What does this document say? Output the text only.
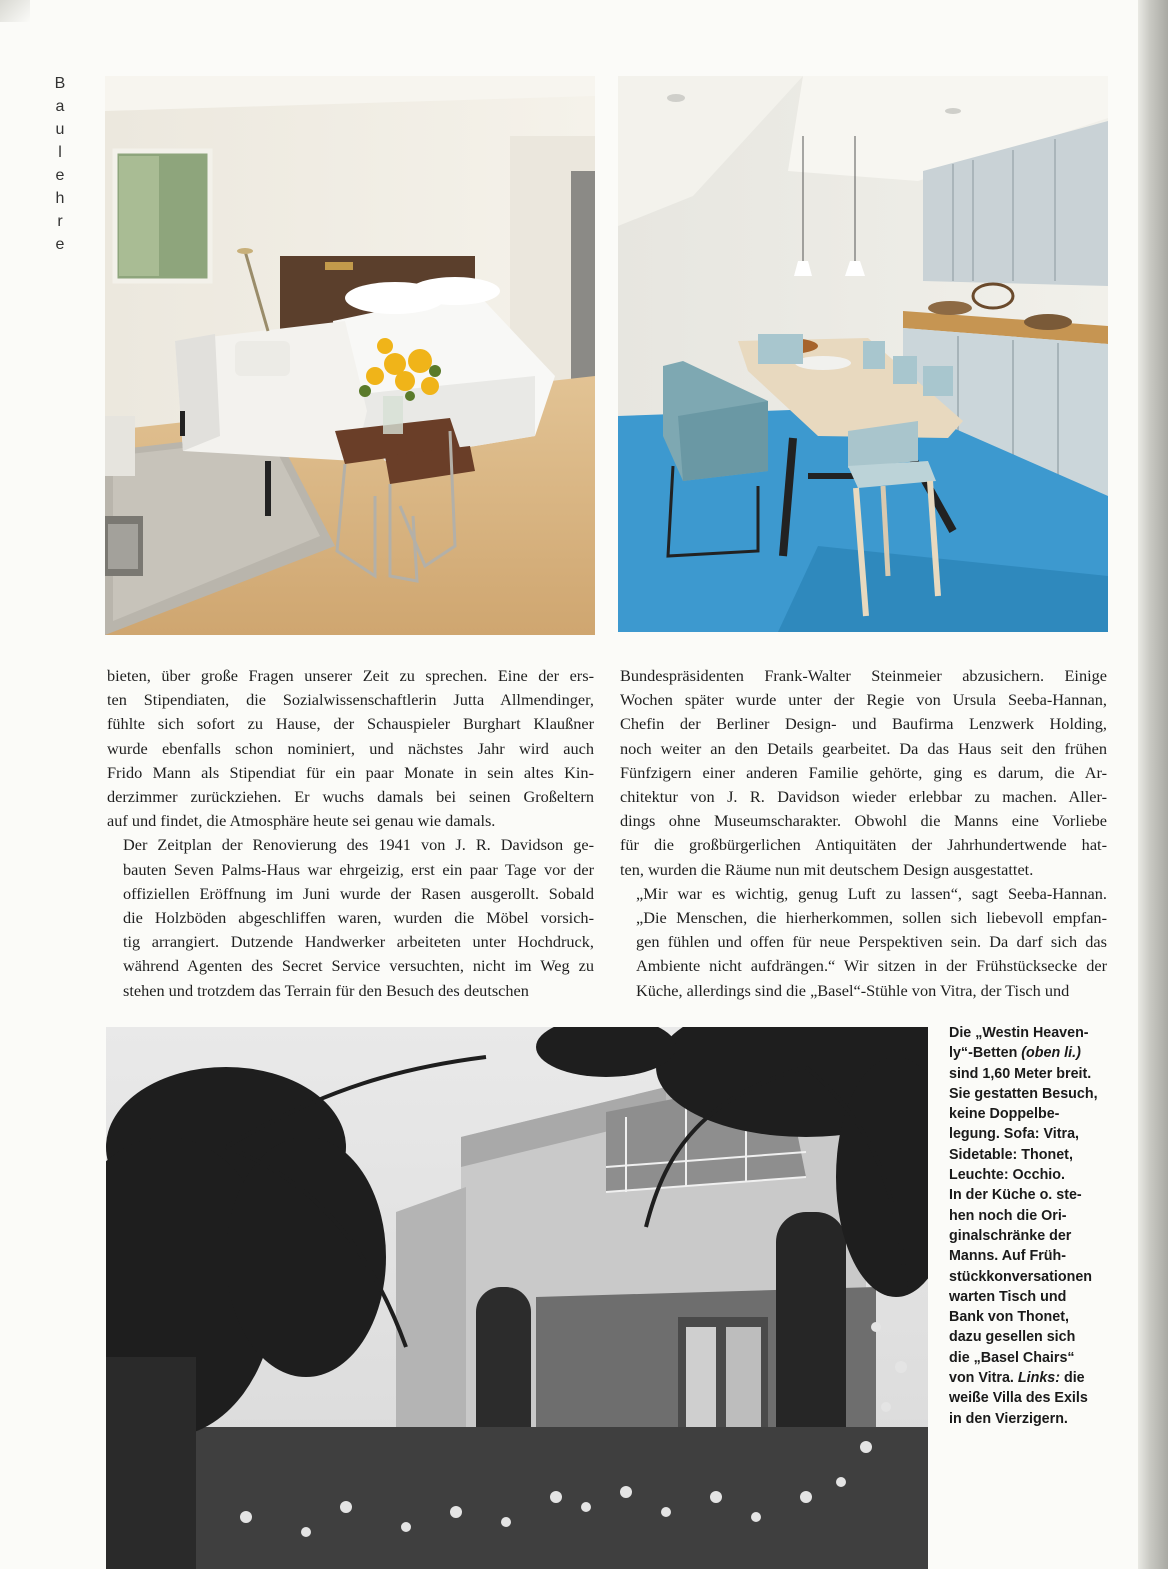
B
a
u
l
e
h
r
e

bieten, über große Fragen unserer Zeit zu sprechen. Eine der ers-
ten Stipendiaten, die Sozialwissenschaftlerin Jutta Allmendinger,
fühlte sich sofort zu Hause, der Schauspieler Burghart Klaußner
wurde ebenfalls schon nominiert, und nächstes Jahr wird auch
Frido Mann als Stipendiat für ein paar Monate in sein altes Kin-
derzimmer zurückziehen. Er wuchs damals bei seinen Großeltern
auf und findet, die Atmosphäre heute sei genau wie damals.

Der Zeitplan der Renovierung des 1941 von J. R. Davidson ge-
bauten Seven Palms-Haus war ehrgeizig, erst ein paar Tage vor der
offiziellen Eröffnung im Juni wurde der Rasen ausgerollt. Sobald
die Holzböden abgeschliffen waren, wurden die Möbel vorsich-
tig arrangiert. Dutzende Handwerker arbeiteten unter Hochdruck,
während Agenten des Secret Service versuchten, nicht im Weg zu
stehen und trotzdem das Terrain für den Besuch des deutschen

Bundespräsidenten Frank-Walter Steinmeier abzusichern. Einige
Wochen später wurde unter der Regie von Ursula Seeba-Hannan,
Chefin der Berliner Design- und Baufirma Lenzwerk Holding,
noch weiter an den Details gearbeitet. Da das Haus seit den frühen
Fünfzigern einer anderen Familie gehörte, ging es darum, die Ar-
chitektur von J. R. Davidson wieder erlebbar zu machen. Aller-
dings ohne Museumscharakter. Obwohl die Manns eine Vorliebe
für die großbürgerlichen Antiquitäten der Jahrhundertwende hat-
ten, wurden die Räume nun mit deutschem Design ausgestattet.

„Mir war es wichtig, genug Luft zu lassen“, sagt Seeba-Hannan.
„Die Menschen, die hierherkommen, sollen sich liebevoll empfan-
gen fühlen und offen für neue Perspektiven sein. Da darf sich das
Ambiente nicht aufdrängen.“ Wir sitzen in der Frühstücksecke der
Küche, allerdings sind die „Basel“-Stühle von Vitra, der Tisch und

Die „Westin Heaven-
ly“-Betten (oben li.)
sind 1,60 Meter breit.
Sie gestatten Besuch,
keine Doppelbe-
legung. Sofa: Vitra,
Sidetable: Thonet,
Leuchte: Occhio.
In der Küche o. ste-
hen noch die Ori-
ginalschränke der
Manns. Auf Früh-
stückkonversationen
warten Tisch und
Bank von Thonet,
dazu gesellen sich
die „Basel Chairs“
von Vitra. Links: die
weiße Villa des Exils
in den Vierzigern.
